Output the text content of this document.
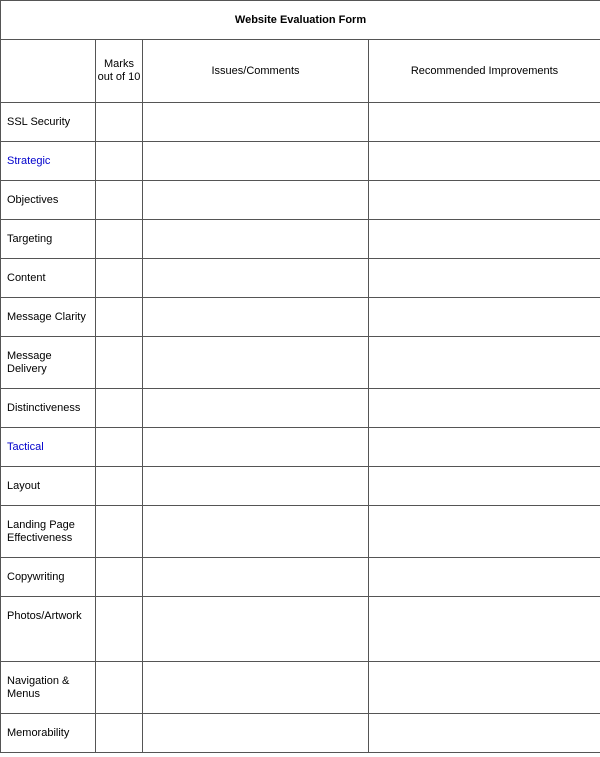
Website Evaluation Form			
	Marks out of 10	Issues/Comments	Recommended Improvements
SSL Security			
Strategic			
Objectives			
Targeting			
Content			
Message Clarity			
Message Delivery			
Distinctiveness			
Tactical			
Layout			
Landing Page Effectiveness			
Copywriting			
Photos/Artwork			
Navigation & Menus			
Memorability			
